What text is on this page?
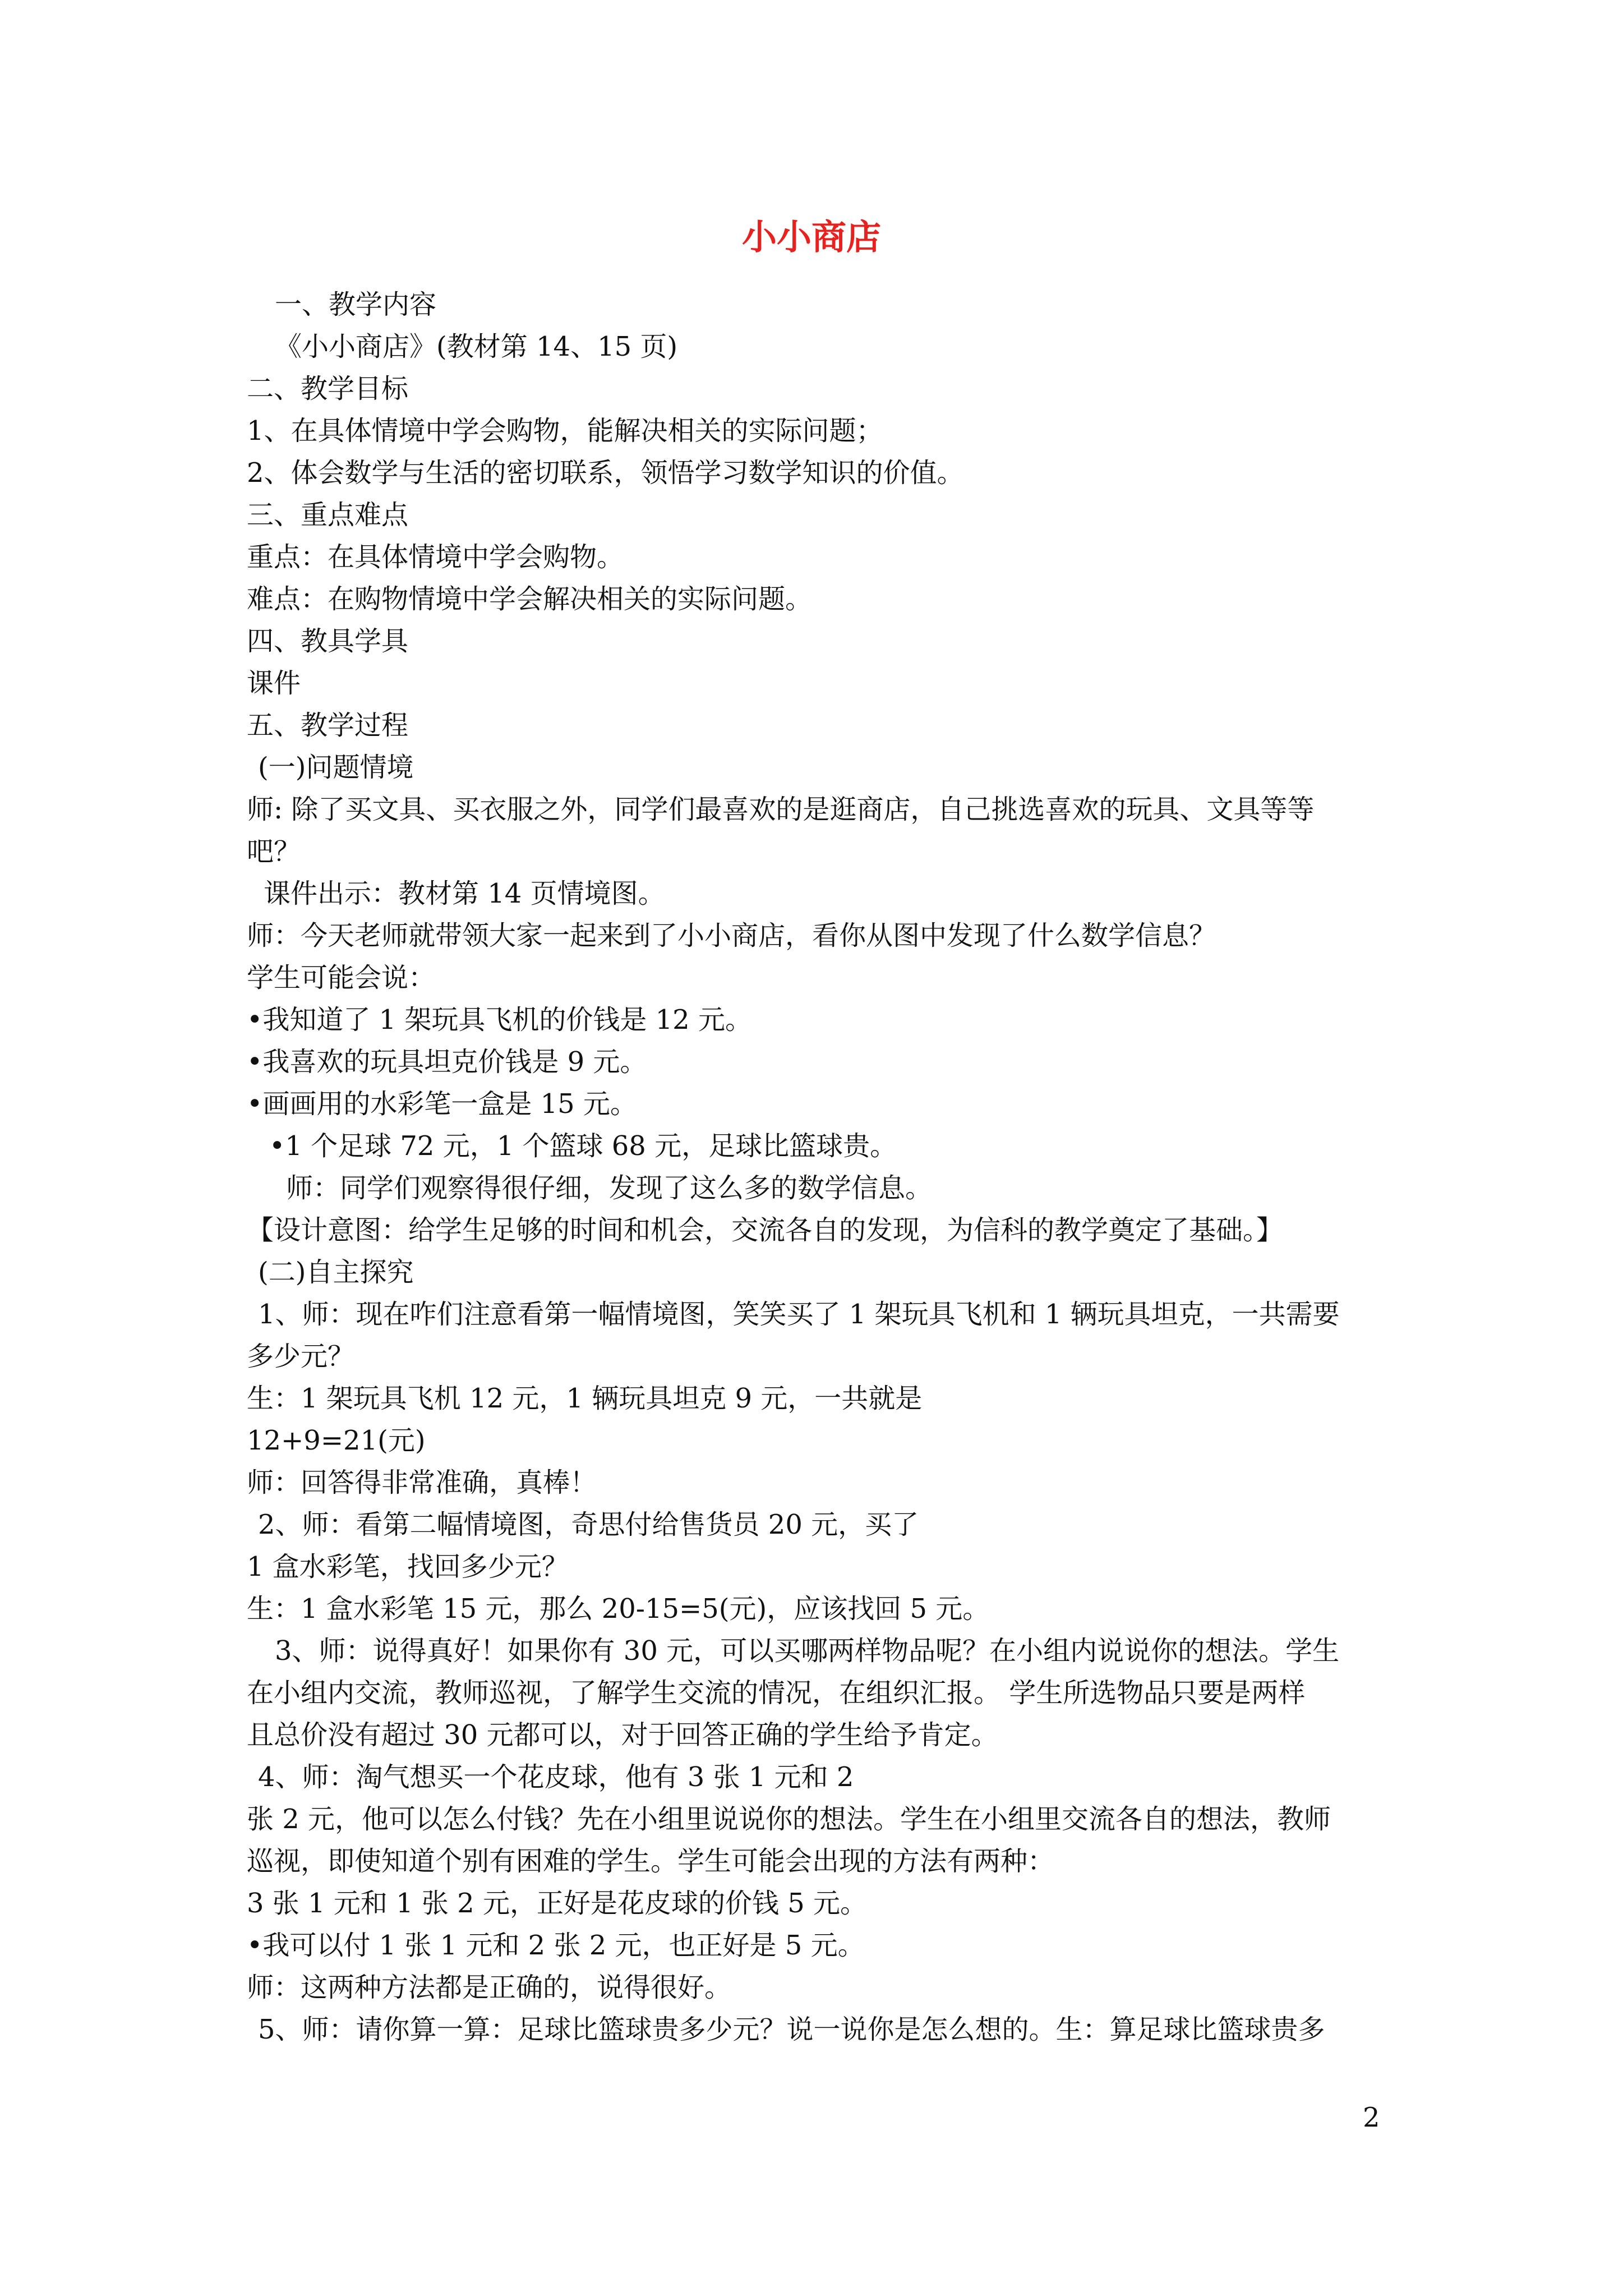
小小商店
一、教学内容
《小小商店》(教材第 14、15 页)
二、教学目标
1、在具体情境中学会购物，能解决相关的实际问题；
2、体会数学与生活的密切联系，领悟学习数学知识的价值。
三、重点难点
重点：在具体情境中学会购物。
难点：在购物情境中学会解决相关的实际问题。
四、教具学具
课件
五、教学过程
(一)问题情境
师: 除了买文具、买衣服之外，同学们最喜欢的是逛商店，自己挑选喜欢的玩具、文具等等
吧？
课件出示：教材第 14 页情境图。
师：今天老师就带领大家一起来到了小小商店，看你从图中发现了什么数学信息？
学生可能会说：
•我知道了 1 架玩具飞机的价钱是 12 元。
•我喜欢的玩具坦克价钱是 9 元。
•画画用的水彩笔一盒是 15 元。
•1 个足球 72 元，1 个篮球 68 元，足球比篮球贵。
师：同学们观察得很仔细，发现了这么多的数学信息。
【设计意图：给学生足够的时间和机会，交流各自的发现，为信科的教学奠定了基础。】
(二)自主探究
1、师：现在咋们注意看第一幅情境图，笑笑买了 1 架玩具飞机和 1 辆玩具坦克，一共需要
多少元？
生：1 架玩具飞机 12 元，1 辆玩具坦克 9 元，一共就是
12+9=21(元)
师：回答得非常准确，真棒！
2、师：看第二幅情境图，奇思付给售货员 20 元，买了
1 盒水彩笔，找回多少元？
生：1 盒水彩笔 15 元，那么 20-15=5(元)，应该找回 5 元。
3、师：说得真好！如果你有 30 元，可以买哪两样物品呢？在小组内说说你的想法。学生
在小组内交流，教师巡视，了解学生交流的情况，在组织汇报。 学生所选物品只要是两样
且总价没有超过 30 元都可以，对于回答正确的学生给予肯定。
4、师：淘气想买一个花皮球，他有 3 张 1 元和 2
张 2 元，他可以怎么付钱？先在小组里说说你的想法。学生在小组里交流各自的想法，教师
巡视，即使知道个别有困难的学生。学生可能会出现的方法有两种：
3 张 1 元和 1 张 2 元，正好是花皮球的价钱 5 元。
•我可以付 1 张 1 元和 2 张 2 元，也正好是 5 元。
师：这两种方法都是正确的，说得很好。
5、师：请你算一算：足球比篮球贵多少元？说一说你是怎么想的。生：算足球比篮球贵多
2
